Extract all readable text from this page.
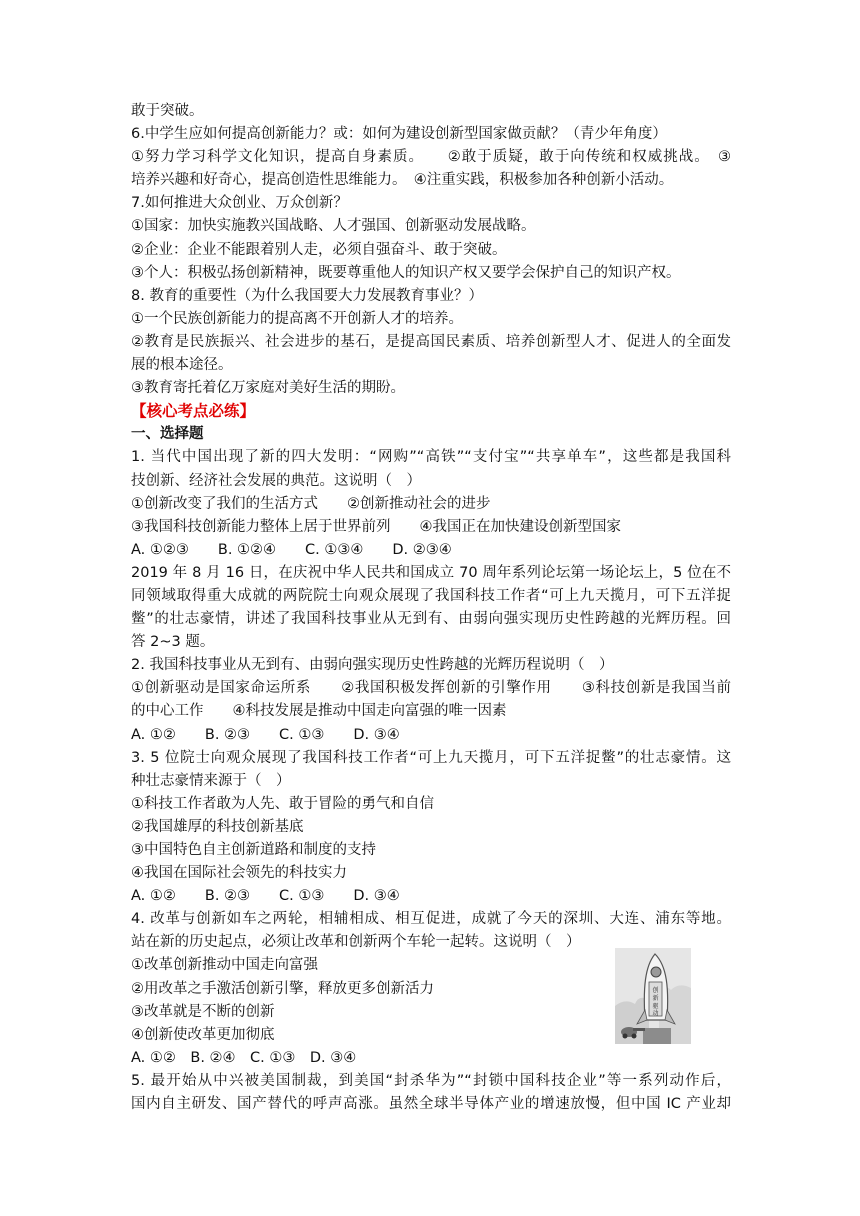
敢于突破。
6.中学生应如何提高创新能力？或：如何为建设创新型国家做贡献？（青少年角度）
①努力学习科学文化知识，提高自身素质。　　②敢于质疑，敢于向传统和权威挑战。　③
培养兴趣和好奇心，提高创造性思维能力。　④注重实践，积极参加各种创新小活动。
7.如何推进大众创业、万众创新？
①国家：加快实施教兴国战略、人才强国、创新驱动发展战略。
②企业：企业不能跟着别人走，必须自强奋斗、敢于突破。
③个人：积极弘扬创新精神，既要尊重他人的知识产权又要学会保护自己的知识产权。
8. 教育的重要性（为什么我国要大力发展教育事业？）
①一个民族创新能力的提高离不开创新人才的培养。
②教育是民族振兴、社会进步的基石，是提高国民素质、培养创新型人才、促进人的全面发
展的根本途径。
③教育寄托着亿万家庭对美好生活的期盼。
【核心考点必练】
一、选择题
1. 当代中国出现了新的四大发明：“网购”“高铁”“支付宝”“共享单车”，这些都是我国科
技创新、经济社会发展的典范。这说明（　）
①创新改变了我们的生活方式　　②创新推动社会的进步
③我国科技创新能力整体上居于世界前列　　④我国正在加快建设创新型国家
A. ①②③　　B. ①②④　　C. ①③④　　D. ②③④
2019 年 8 月 16 日，在庆祝中华人民共和国成立 70 周年系列论坛第一场论坛上，5 位在不
同领域取得重大成就的两院院士向观众展现了我国科技工作者“可上九天揽月，可下五洋捉
鳖”的壮志豪情，讲述了我国科技事业从无到有、由弱向强实现历史性跨越的光辉历程。回
答 2~3 题。
2. 我国科技事业从无到有、由弱向强实现历史性跨越的光辉历程说明（　）
①创新驱动是国家命运所系　　②我国积极发挥创新的引擎作用　　③科技创新是我国当前
的中心工作　　④科技发展是推动中国走向富强的唯一因素
A. ①②　　B. ②③　　C. ①③　　D. ③④
3. 5 位院士向观众展现了我国科技工作者“可上九天揽月，可下五洋捉鳖”的壮志豪情。这
种壮志豪情来源于（　）
①科技工作者敢为人先、敢于冒险的勇气和自信
②我国雄厚的科技创新基底
③中国特色自主创新道路和制度的支持
④我国在国际社会领先的科技实力
A. ①②　　B. ②③　　C. ①③　　D. ③④
4. 改革与创新如车之两轮，相辅相成、相互促进，成就了今天的深圳、大连、浦东等地。
站在新的历史起点，必须让改革和创新两个车轮一起转。这说明（　）
①改革创新推动中国走向富强
②用改革之手激活创新引擎，释放更多创新活力
③改革就是不断的创新
④创新使改革更加彻底
A. ①②　B. ②④　C. ①③　D. ③④
5. 最开始从中兴被美国制裁，到美国“封杀华为”“封锁中国科技企业”等一系列动作后，
国内自主研发、国产替代的呼声高涨。虽然全球半导体产业的增速放慢，但中国 IC 产业却
创
新
驱
动
